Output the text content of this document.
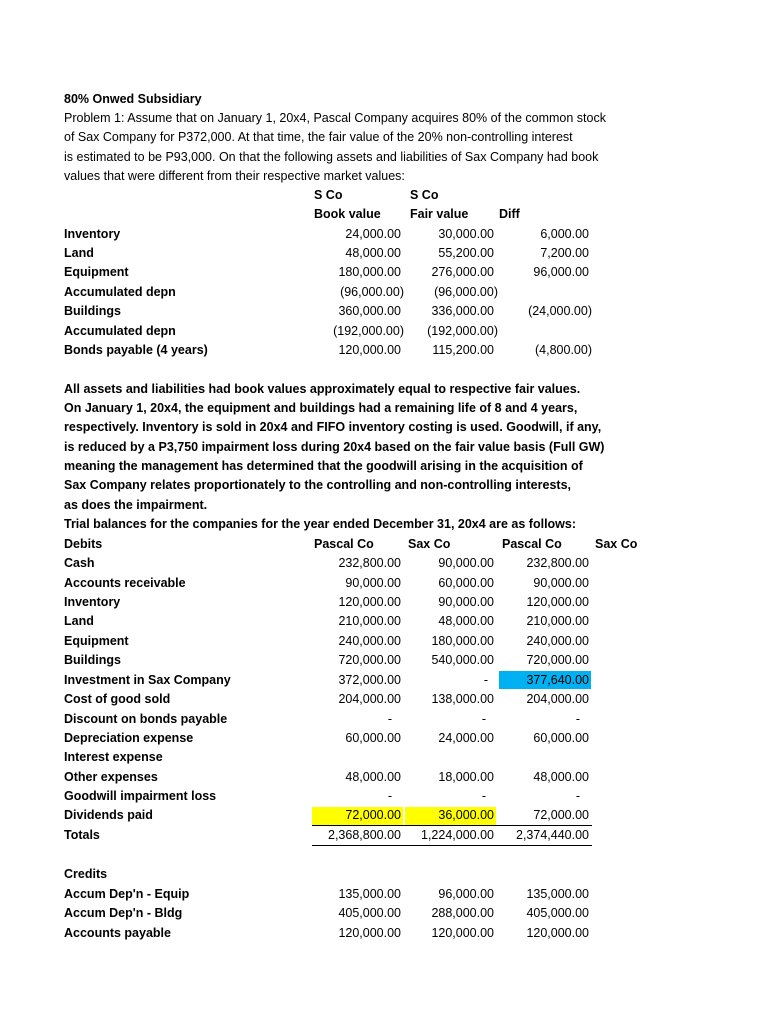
80% Onwed Subsidiary
Problem 1: Assume that on January 1, 20x4, Pascal Company acquires 80% of the common stock
of Sax Company for P372,000. At that time, the fair value of the 20% non-controlling interest
is estimated to be P93,000. On that the following assets and liabilities of Sax Company had book
values that were different from their respective market values:
S Co	S Co
Book value Fair value Diff
Inventory	24,000.00	30,000.00	6,000.00
Land	48,000.00	55,200.00	7,200.00
Equipment	180,000.00 276,000.00	96,000.00
Accumulated depn	(96,000.00) (96,000.00)
Buildings	360,000.00 336,000.00	(24,000.00)
Accumulated depn	(192,000.00) (192,000.00)
Bonds payable (4 years)	120,000.00	115,200.00	(4,800.00)
All assets and liabilities had book values approximately equal to respective fair values.
On January 1, 20x4, the equipment and buildings had a remaining life of 8 and 4 years,
respectively. Inventory is sold in 20x4 and FIFO inventory costing is used. Goodwill, if any,
is reduced by a P3,750 impairment loss during 20x4 based on the fair value basis (Full GW)
meaning the management has determined that the goodwill arising in the acquisition of
Sax Company relates proportionately to the controlling and non-controlling interests,
as does the impairment.
Trial balances for the companies for the year ended December 31, 20x4 are as follows:
Debits	Pascal Co	Sax Co	Pascal Co	Sax Co
Cash	232,800.00	90,000.00	232,800.00
Accounts receivable	90,000.00	60,000.00	90,000.00
Inventory	120,000.00	90,000.00	120,000.00
Land	210,000.00	48,000.00	210,000.00
Equipment	240,000.00 180,000.00	240,000.00
Buildings	720,000.00 540,000.00	720,000.00
Investment in Sax Company	372,000.00	-	377,640.00
Cost of good sold	204,000.00 138,000.00	204,000.00
Discount on bonds payable	-	-	-
Depreciation expense	60,000.00	24,000.00	60,000.00
Interest expense
Other expenses	48,000.00	18,000.00	48,000.00
Goodwill impairment loss	-	-	-
Dividends paid	72,000.00	36,000.00	72,000.00
Totals	2,368,800.00 1,224,000.00 2,374,440.00
Credits
Accum Dep'n - Equip	135,000.00	96,000.00	135,000.00
Accum Dep'n - Bldg	405,000.00 288,000.00	405,000.00
Accounts payable	120,000.00 120,000.00	120,000.00
